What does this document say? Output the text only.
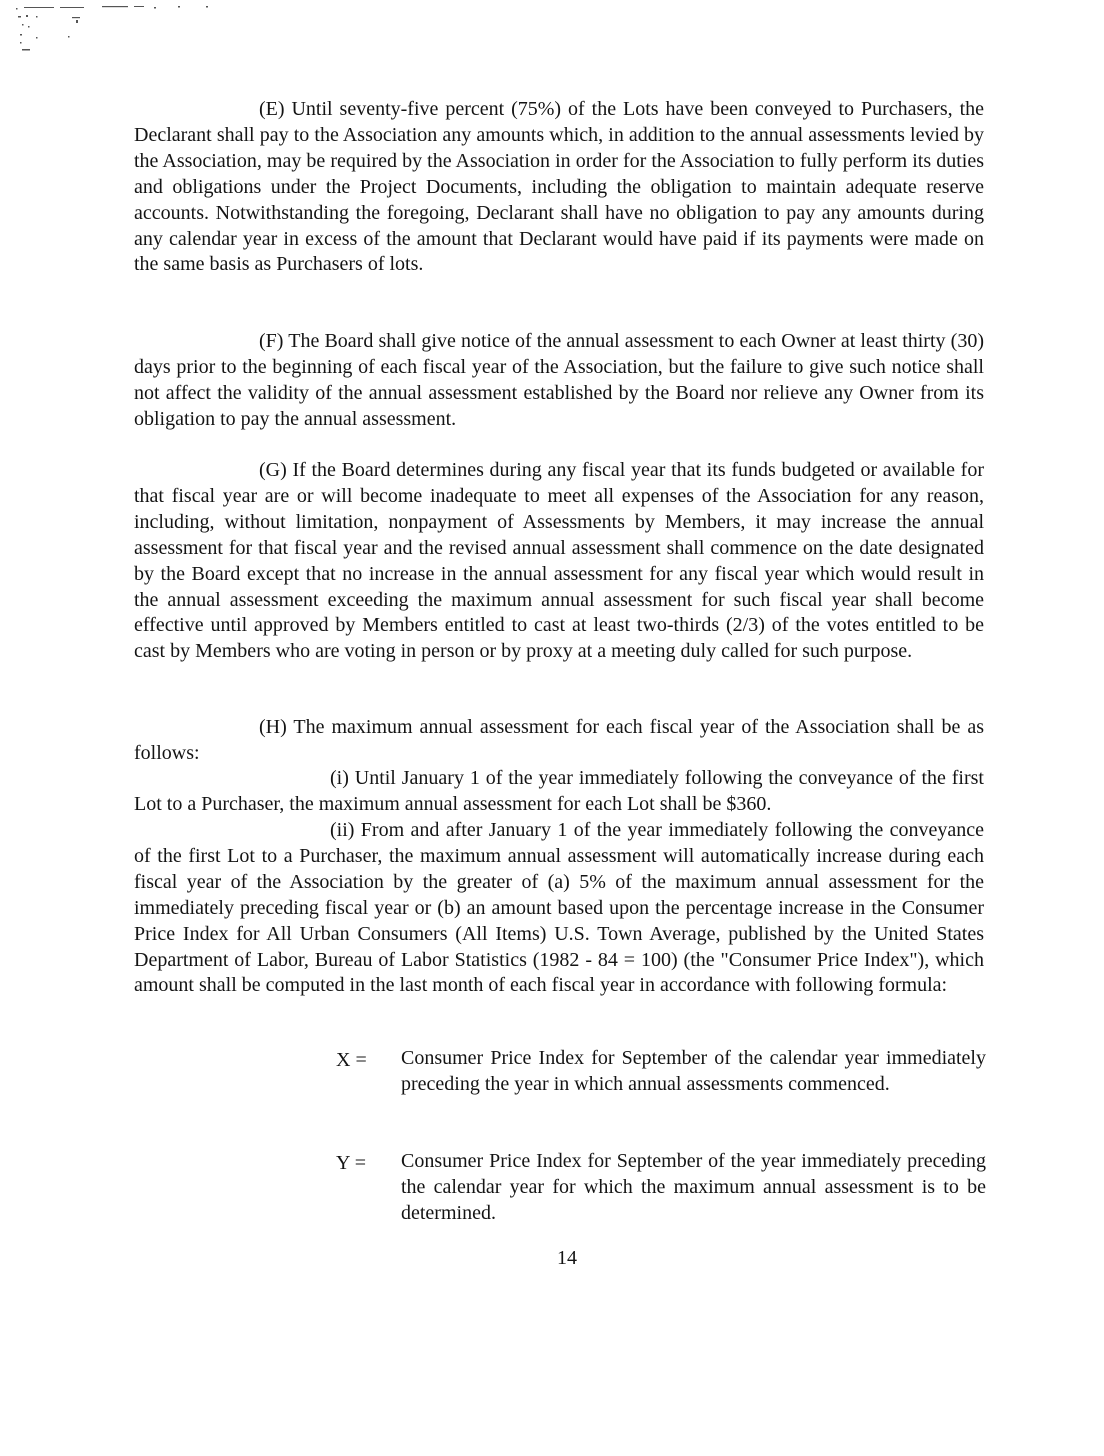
(E) Until seventy-five percent (75%) of the Lots have been conveyed to Purchasers, the Declarant shall pay to the Association any amounts which, in addition to the annual assessments levied by the Association, may be required by the Association in order for the Association to fully perform its duties and obligations under the Project Documents, including the obligation to maintain adequate reserve accounts. Notwithstanding the foregoing, Declarant shall have no obligation to pay any amounts during any calendar year in excess of the amount that Declarant would have paid if its payments were made on the same basis as Purchasers of lots.

(F) The Board shall give notice of the annual assessment to each Owner at least thirty (30) days prior to the beginning of each fiscal year of the Association, but the failure to give such notice shall not affect the validity of the annual assessment established by the Board nor relieve any Owner from its obligation to pay the annual assessment.

(G) If the Board determines during any fiscal year that its funds budgeted or available for that fiscal year are or will become inadequate to meet all expenses of the Association for any reason, including, without limitation, nonpayment of Assessments by Members, it may increase the annual assessment for that fiscal year and the revised annual assessment shall commence on the date designated by the Board except that no increase in the annual assessment for any fiscal year which would result in the annual assessment exceeding the maximum annual assessment for such fiscal year shall become effective until approved by Members entitled to cast at least two-thirds (2/3) of the votes entitled to be cast by Members who are voting in person or by proxy at a meeting duly called for such purpose.

(H) The maximum annual assessment for each fiscal year of the Association shall be as follows:

(i) Until January 1 of the year immediately following the conveyance of the first Lot to a Purchaser, the maximum annual assessment for each Lot shall be $360.

(ii) From and after January 1 of the year immediately following the conveyance of the first Lot to a Purchaser, the maximum annual assessment will automatically increase during each fiscal year of the Association by the greater of (a) 5% of the maximum annual assessment for the immediately preceding fiscal year or (b) an amount based upon the percentage increase in the Consumer Price Index for All Urban Consumers (All Items) U.S. Town Average, published by the United States Department of Labor, Bureau of Labor Statistics (1982 - 84 = 100) (the "Consumer Price Index"), which amount shall be computed in the last month of each fiscal year in accordance with following formula:

X =	Consumer Price Index for September of the calendar year immediately preceding the year in which annual assessments commenced.

Y =	Consumer Price Index for September of the year immediately preceding the calendar year for which the maximum annual assessment is to be determined.

14
